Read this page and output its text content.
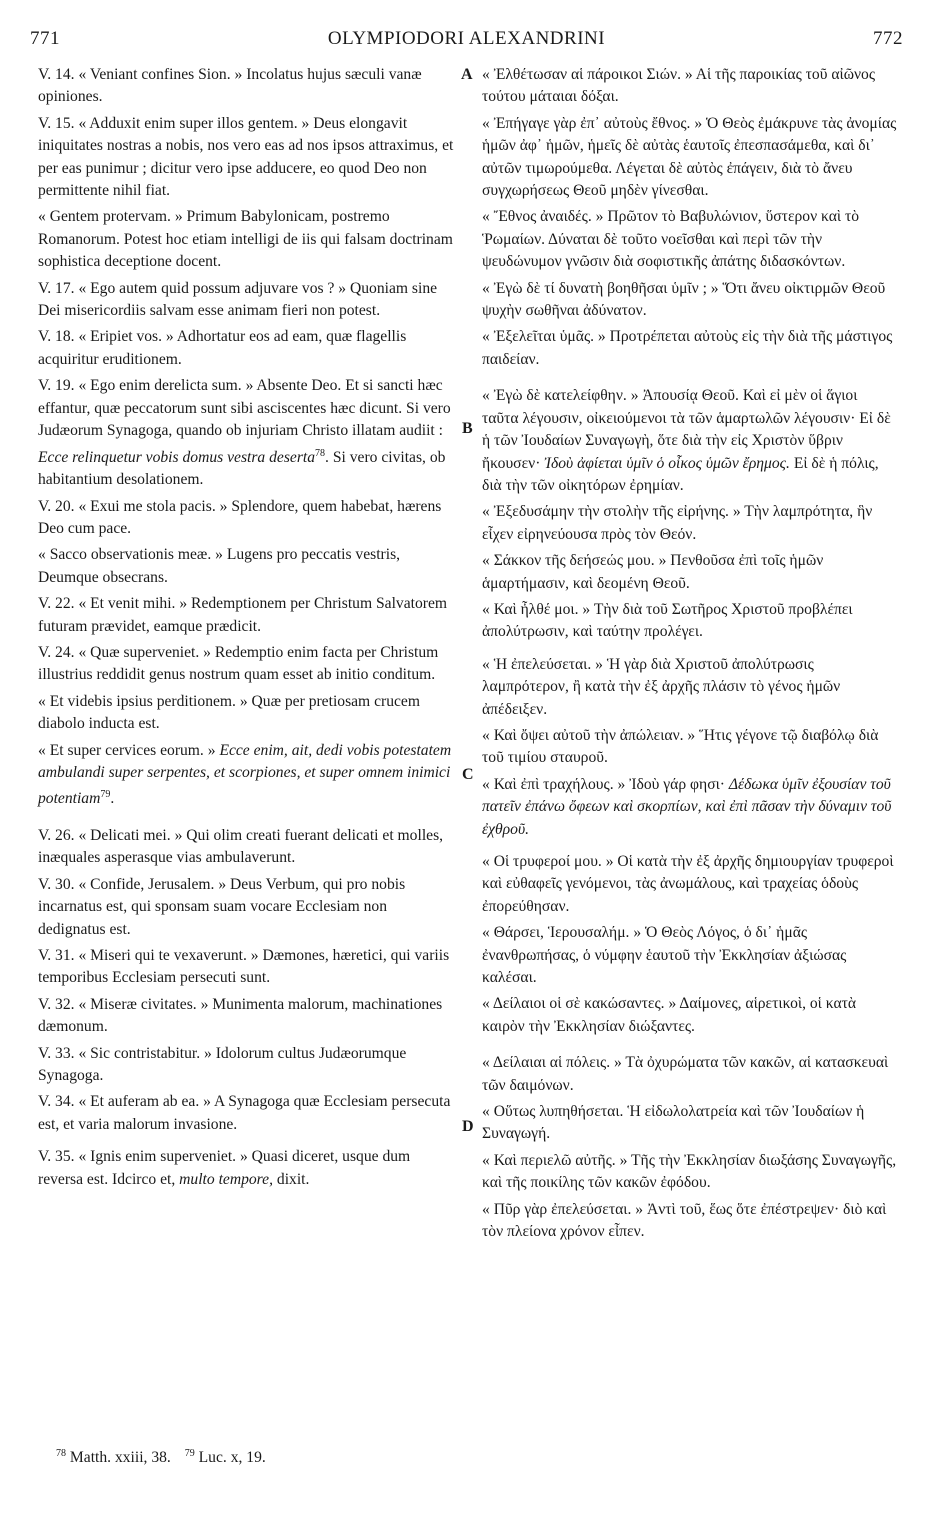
771	OLYMPIODORI ALEXANDRINI	772
A
B
C
D

V. 14. « Veniant confines Sion. » Incolatus hujus sæculi vanæ opiniones.

V. 15. « Adduxit enim super illos gentem. » Deus elongavit iniquitates nostras a nobis, nos vero eas ad nos ipsos attraximus, et per eas punimur ; dicitur vero ipse adducere, eo quod Deo non permittente nihil fiat.

« Gentem protervam. » Primum Babylonicam, postremo Romanorum. Potest hoc etiam intelligi de iis qui falsam doctrinam sophistica deceptione docent.

V. 17. « Ego autem quid possum adjuvare vos ? » Quoniam sine Dei misericordiis salvam esse animam fieri non potest.

V. 18. « Eripiet vos. » Adhortatur eos ad eam, quæ flagellis acquiritur eruditionem.

V. 19. « Ego enim derelicta sum. » Absente Deo. Et si sancti hæc effantur, quæ peccatorum sunt sibi asciscentes hæc dicunt. Si vero Judæorum Synagoga, quando ob injuriam Christo illatam audiit : Ecce relinquetur vobis domus vestra deserta$^{78}$. Si vero civitas, ob habitantium desolationem.

V. 20. « Exui me stola pacis. » Splendore, quem habebat, hærens Deo cum pace.

« Sacco observationis meæ. » Lugens pro peccatis vestris, Deumque obsecrans.

V. 22. « Et venit mihi. » Redemptionem per Christum Salvatorem futuram prævidet, eamque prædicit.

V. 24. « Quæ superveniet. » Redemptio enim facta per Christum illustrius reddidit genus nostrum quam esset ab initio conditum.

« Et videbis ipsius perditionem. » Quæ per pretiosam crucem diabolo inducta est.

« Et super cervices eorum. » Ecce enim, ait, dedi vobis potestatem ambulandi super serpentes, et scorpiones, et super omnem inimici potentiam$^{79}$.

V. 26. « Delicati mei. » Qui olim creati fuerant delicati et molles, inæquales asperasque vias ambulaverunt.

V. 30. « Confide, Jerusalem. » Deus Verbum, qui pro nobis incarnatus est, qui sponsam suam vocare Ecclesiam non dedignatus est.

V. 31. « Miseri qui te vexaverunt. » Dæmones, hæretici, qui variis temporibus Ecclesiam persecuti sunt.

V. 32. « Miseræ civitates. » Munimenta malorum, machinationes dæmonum.

V. 33. « Sic contristabitur. » Idolorum cultus Judæorumque Synagoga.

V. 34. « Et auferam ab ea. » A Synagoga quæ Ecclesiam persecuta est, et varia malorum invasione.

V. 35. « Ignis enim superveniet. » Quasi diceret, usque dum reversa est. Idcirco et, multo tempore, dixit.

« Ἐλθέτωσαν αἱ πάροικοι Σιών. » Αἱ τῆς παροικίας τοῦ αἰῶνος τούτου μάταιαι δόξαι.

« Ἐπήγαγε γὰρ ἐπ᾽ αὐτοὺς ἔθνος. » Ὁ Θεὸς ἐμάκρυνε τὰς ἀνομίας ἡμῶν ἀφ᾽ ἡμῶν, ἡμεῖς δὲ αὐτὰς ἑαυτοῖς ἐπεσπασάμεθα, καὶ δι᾽ αὐτῶν τιμωρούμεθα. Λέγεται δὲ αὐτὸς ἐπάγειν, διὰ τὸ ἄνευ συγχωρήσεως Θεοῦ μηδὲν γίνεσθαι.

« Ἔθνος ἀναιδές. » Πρῶτον τὸ Βαβυλώνιον, ὕστερον καὶ τὸ Ῥωμαίων. Δύναται δὲ τοῦτο νοεῖσθαι καὶ περὶ τῶν τὴν ψευδώνυμον γνῶσιν διὰ σοφιστικῆς ἀπάτης διδασκόντων.

« Ἐγὼ δὲ τί δυνατὴ βοηθῆσαι ὑμῖν ; » Ὅτι ἄνευ οἰκτιρμῶν Θεοῦ ψυχὴν σωθῆναι ἀδύνατον.

« Ἐξελεῖται ὑμᾶς. » Προτρέπεται αὐτοὺς εἰς τὴν διὰ τῆς μάστιγος παιδείαν.

« Ἐγὼ δὲ κατελείφθην. » Ἀπουσίᾳ Θεοῦ. Καὶ εἰ μὲν οἱ ἅγιοι ταῦτα λέγουσιν, οἰκειούμενοι τὰ τῶν ἁμαρτωλῶν λέγουσιν· Εἰ δὲ ἡ τῶν Ἰουδαίων Συναγωγὴ, ὅτε διὰ τὴν εἰς Χριστὸν ὕβριν ἤκουσεν· Ἰδοὺ ἀφίεται ὑμῖν ὁ οἶκος ὑμῶν ἔρημος. Εἰ δὲ ἡ πόλις, διὰ τὴν τῶν οἰκητόρων ἐρημίαν.

« Ἐξεδυσάμην τὴν στολὴν τῆς εἰρήνης. » Τὴν λαμπρότητα, ἣν εἶχεν εἰρηνεύουσα πρὸς τὸν Θεόν.

« Σάκκον τῆς δεήσεώς μου. » Πενθοῦσα ἐπὶ τοῖς ἡμῶν ἁμαρτήμασιν, καὶ δεομένη Θεοῦ.

« Καὶ ἦλθέ μοι. » Τὴν διὰ τοῦ Σωτῆρος Χριστοῦ προβλέπει ἀπολύτρωσιν, καὶ ταύτην προλέγει.

« Ἡ ἐπελεύσεται. » Ἡ γὰρ διὰ Χριστοῦ ἀπολύτρωσις λαμπρότερον, ἢ κατὰ τὴν ἐξ ἀρχῆς πλάσιν τὸ γένος ἡμῶν ἀπέδειξεν.

« Καὶ ὄψει αὐτοῦ τὴν ἀπώλειαν. » Ἥτις γέγονε τῷ διαβόλῳ διὰ τοῦ τιμίου σταυροῦ.

« Καὶ ἐπὶ τραχήλους. » Ἰδοὺ γάρ φησι· Δέδωκα ὑμῖν ἐξουσίαν τοῦ πατεῖν ἐπάνω ὄφεων καὶ σκορπίων, καὶ ἐπὶ πᾶσαν τὴν δύναμιν τοῦ ἐχθροῦ.

« Οἱ τρυφεροί μου. » Οἱ κατὰ τὴν ἐξ ἀρχῆς δημιουργίαν τρυφεροὶ καὶ εὐθαφεῖς γενόμενοι, τὰς ἀνωμάλους, καὶ τραχείας ὁδοὺς ἐπορεύθησαν.

« Θάρσει, Ἱερουσαλήμ. » Ὁ Θεὸς Λόγος, ὁ δι᾽ ἡμᾶς ἐνανθρωπήσας, ὁ νύμφην ἑαυτοῦ τὴν Ἐκκλησίαν ἀξιώσας καλέσαι.

« Δείλαιοι οἱ σὲ κακώσαντες. » Δαίμονες, αἱρετικοὶ, οἱ κατὰ καιρὸν τὴν Ἐκκλησίαν διώξαντες.

« Δείλαιαι αἱ πόλεις. » Τὰ ὀχυρώματα τῶν κακῶν, αἱ κατασκευαὶ τῶν δαιμόνων.

« Οὕτως λυπηθήσεται. Ἡ εἰδωλολατρεία καὶ τῶν Ἰουδαίων ἡ Συναγωγή.

« Καὶ περιελῶ αὐτῆς. » Τῆς τὴν Ἐκκλησίαν διωξάσης Συναγωγῆς, καὶ τῆς ποικίλης τῶν κακῶν ἐφόδου.

« Πῦρ γὰρ ἐπελεύσεται. » Ἀντὶ τοῦ, ἕως ὅτε ἐπέστρεψεν· διὸ καὶ τὸν πλείονα χρόνον εἶπεν.

$^{78}$ Matth. xxiii, 38. $^{79}$ Luc. x, 19.
